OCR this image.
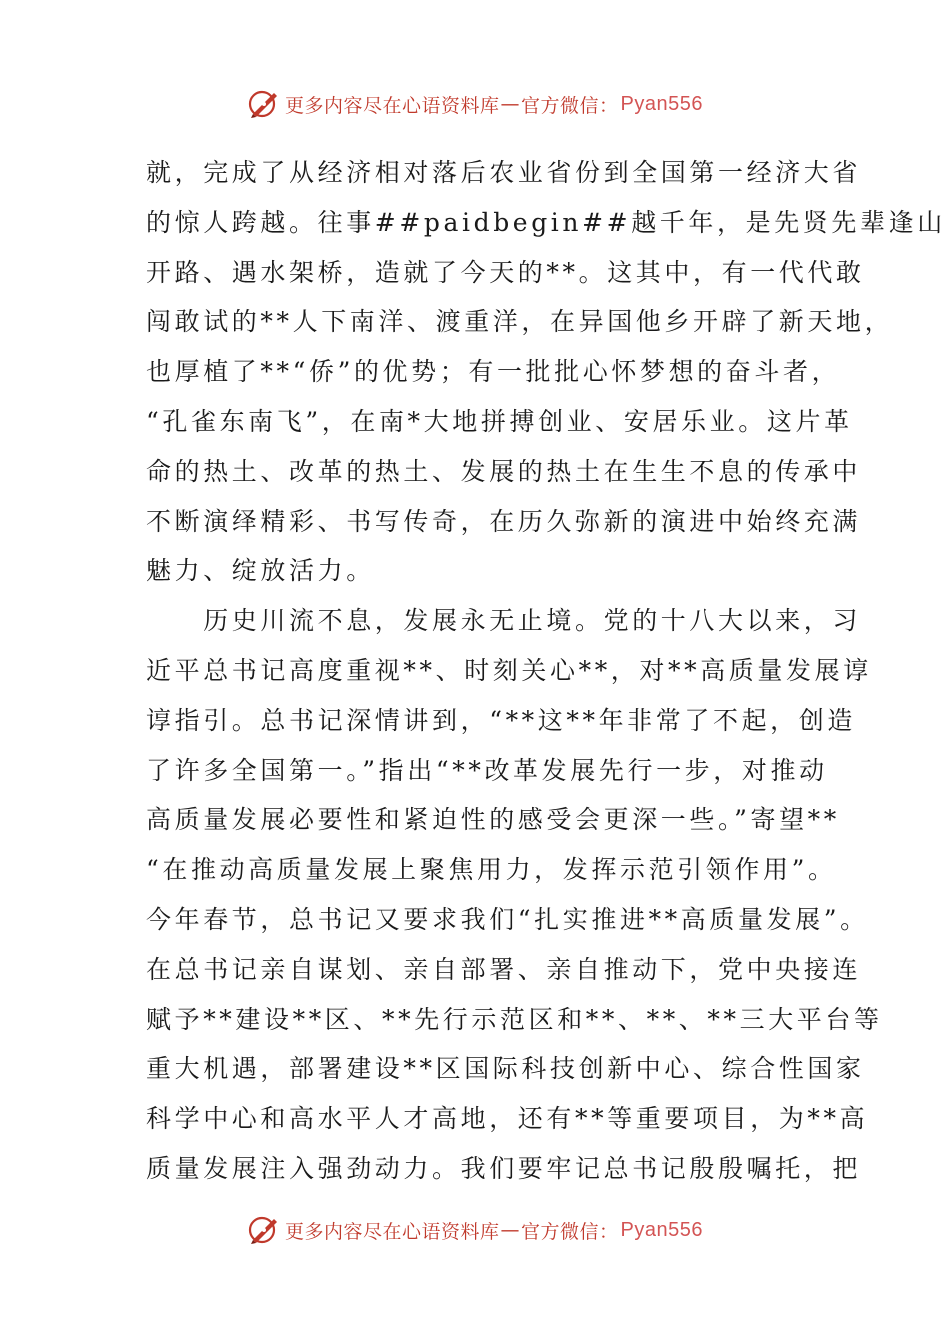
更多内容尽在心语资料库 — 官方微信： Pyan556
就，完成了从经济相对落后农业省份到全国第一经济大省
的惊人跨越。往事##paidbegin##越千年，是先贤先辈逢山
开路、遇水架桥，造就了今天的**。这其中，有一代代敢
闯敢试的**人下南洋、渡重洋，在异国他乡开辟了新天地，
也厚植了**“侨”的优势；有一批批心怀梦想的奋斗者，
“孔雀东南飞”，在南*大地拼搏创业、安居乐业。这片革
命的热土、改革的热土、发展的热土在生生不息的传承中
不断演绎精彩、书写传奇，在历久弥新的演进中始终充满
魅力、绽放活力。
　　历史川流不息，发展永无止境。党的十八大以来，习
近平总书记高度重视**、时刻关心**，对**高质量发展谆
谆指引。总书记深情讲到，“**这**年非常了不起，创造
了许多全国第一。”指出“**改革发展先行一步，对推动
高质量发展必要性和紧迫性的感受会更深一些。”寄望**
“在推动高质量发展上聚焦用力，发挥示范引领作用”。
今年春节，总书记又要求我们“扎实推进**高质量发展”。
在总书记亲自谋划、亲自部署、亲自推动下，党中央接连
赋予**建设**区、**先行示范区和**、**、**三大平台等
重大机遇，部署建设**区国际科技创新中心、综合性国家
科学中心和高水平人才高地，还有**等重要项目，为**高
质量发展注入强劲动力。我们要牢记总书记殷殷嘱托，把
更多内容尽在心语资料库 — 官方微信： Pyan556
